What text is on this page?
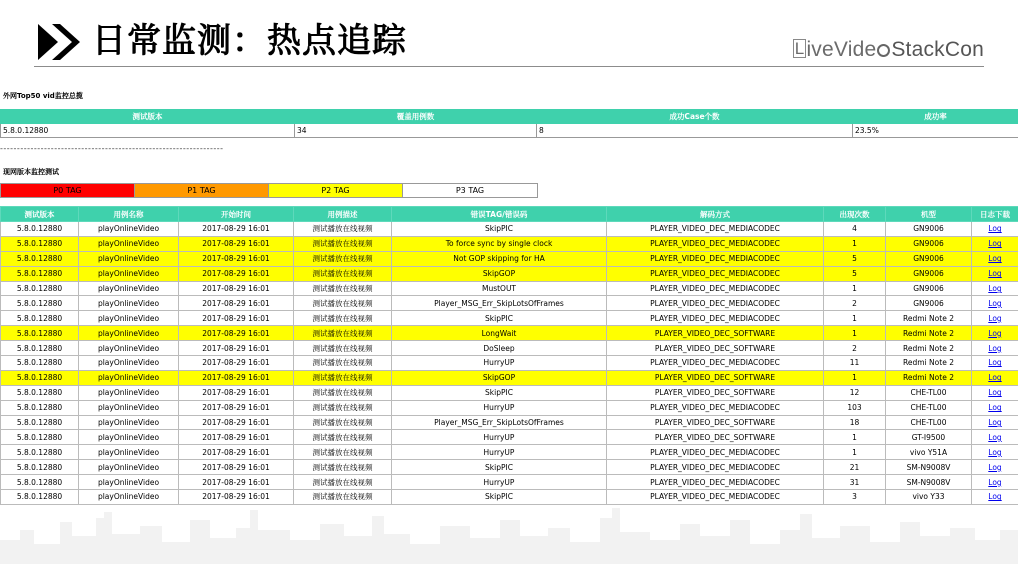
日常监测：热点追踪	LiveVide StackCon
外网Top50 vid监控总揽
测试版本	覆盖用例数	成功Case个数	成功率
5.8.0.12880	34	8	23.5%
------------------------------------------------------------------
现网版本监控测试
P0 TAG	P1 TAG	P2 TAG	P3 TAG
测试版本	用例名称	开始时间	用例描述	错误TAG/错误码	解码方式	出现次数	机型	日志下载
5.8.0.12880	playOnlineVideo	2017-08-29 16:01	测试播放在线视频	SkipPIC	PLAYER_VIDEO_DEC_MEDIACODEC	4	GN9006	Log
5.8.0.12880	playOnlineVideo	2017-08-29 16:01	测试播放在线视频	To force sync by single clock	PLAYER_VIDEO_DEC_MEDIACODEC	1	GN9006	Log
5.8.0.12880	playOnlineVideo	2017-08-29 16:01	测试播放在线视频	Not GOP skipping for HA	PLAYER_VIDEO_DEC_MEDIACODEC	5	GN9006	Log
5.8.0.12880	playOnlineVideo	2017-08-29 16:01	测试播放在线视频	SkipGOP	PLAYER_VIDEO_DEC_MEDIACODEC	5	GN9006	Log
5.8.0.12880	playOnlineVideo	2017-08-29 16:01	测试播放在线视频	MustOUT	PLAYER_VIDEO_DEC_MEDIACODEC	1	GN9006	Log
5.8.0.12880	playOnlineVideo	2017-08-29 16:01	测试播放在线视频	Player_MSG_Err_SkipLotsOfFrames	PLAYER_VIDEO_DEC_MEDIACODEC	2	GN9006	Log
5.8.0.12880	playOnlineVideo	2017-08-29 16:01	测试播放在线视频	SkipPIC	PLAYER_VIDEO_DEC_MEDIACODEC	1	Redmi Note 2	Log
5.8.0.12880	playOnlineVideo	2017-08-29 16:01	测试播放在线视频	LongWait	PLAYER_VIDEO_DEC_SOFTWARE	1	Redmi Note 2	Log
5.8.0.12880	playOnlineVideo	2017-08-29 16:01	测试播放在线视频	DoSleep	PLAYER_VIDEO_DEC_SOFTWARE	2	Redmi Note 2	Log
5.8.0.12880	playOnlineVideo	2017-08-29 16:01	测试播放在线视频	HurryUP	PLAYER_VIDEO_DEC_MEDIACODEC	11	Redmi Note 2	Log
5.8.0.12880	playOnlineVideo	2017-08-29 16:01	测试播放在线视频	SkipGOP	PLAYER_VIDEO_DEC_SOFTWARE	1	Redmi Note 2	Log
5.8.0.12880	playOnlineVideo	2017-08-29 16:01	测试播放在线视频	SkipPIC	PLAYER_VIDEO_DEC_SOFTWARE	12	CHE-TL00	Log
5.8.0.12880	playOnlineVideo	2017-08-29 16:01	测试播放在线视频	HurryUP	PLAYER_VIDEO_DEC_MEDIACODEC	103	CHE-TL00	Log
5.8.0.12880	playOnlineVideo	2017-08-29 16:01	测试播放在线视频	Player_MSG_Err_SkipLotsOfFrames	PLAYER_VIDEO_DEC_SOFTWARE	18	CHE-TL00	Log
5.8.0.12880	playOnlineVideo	2017-08-29 16:01	测试播放在线视频	HurryUP	PLAYER_VIDEO_DEC_SOFTWARE	1	GT-I9500	Log
5.8.0.12880	playOnlineVideo	2017-08-29 16:01	测试播放在线视频	HurryUP	PLAYER_VIDEO_DEC_MEDIACODEC	1	vivo Y51A	Log
5.8.0.12880	playOnlineVideo	2017-08-29 16:01	测试播放在线视频	SkipPIC	PLAYER_VIDEO_DEC_MEDIACODEC	21	SM-N9008V	Log
5.8.0.12880	playOnlineVideo	2017-08-29 16:01	测试播放在线视频	HurryUP	PLAYER_VIDEO_DEC_MEDIACODEC	31	SM-N9008V	Log
5.8.0.12880	playOnlineVideo	2017-08-29 16:01	测试播放在线视频	SkipPIC	PLAYER_VIDEO_DEC_MEDIACODEC	3	vivo Y33	Log
